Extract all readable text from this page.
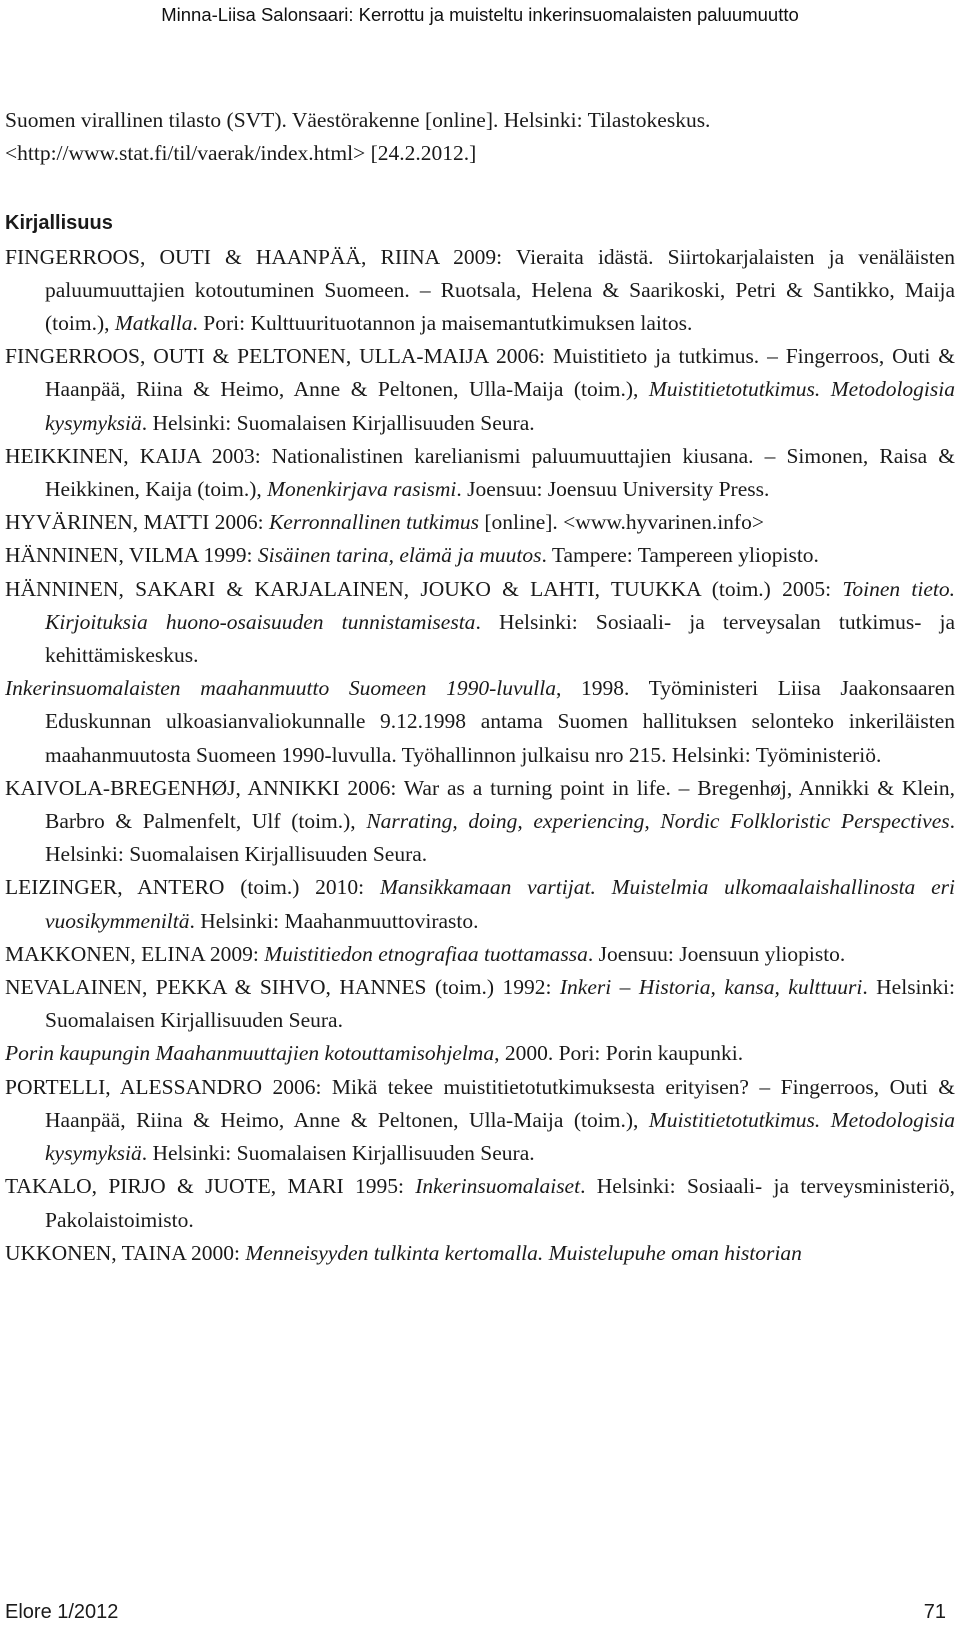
Minna-Liisa Salonsaari: Kerrottu ja muisteltu inkerinsuomalaisten paluumuutto

Suomen virallinen tilasto (SVT). Väestörakenne [online]. Helsinki: Tilastokeskus.
<http://www.stat.fi/til/vaerak/index.html> [24.2.2012.]

Kirjallisuus

FINGERROOS, OUTI & HAANPÄÄ, RIINA 2009: Vieraita idästä. Siirtokarjalaisten ja venäläisten paluumuuttajien kotoutuminen Suomeen. – Ruotsala, Helena & Saarikoski, Petri & Santikko, Maija (toim.), Matkalla. Pori: Kulttuurituotannon ja maisemantutkimuksen laitos.

FINGERROOS, OUTI & PELTONEN, ULLA-MAIJA 2006: Muistitieto ja tutkimus. – Fingerroos, Outi & Haanpää, Riina & Heimo, Anne & Peltonen, Ulla-Maija (toim.), Muistitietotutkimus. Metodologisia kysymyksiä. Helsinki: Suomalaisen Kirjallisuuden Seura.

HEIKKINEN, KAIJA 2003: Nationalistinen karelianismi paluumuuttajien kiusana. – Simonen, Raisa & Heikkinen, Kaija (toim.), Monenkirjava rasismi. Joensuu: Joensuu University Press.

HYVÄRINEN, MATTI 2006: Kerronnallinen tutkimus [online]. <www.hyvarinen.info>

HÄNNINEN, VILMA 1999: Sisäinen tarina, elämä ja muutos. Tampere: Tampereen yliopisto.

HÄNNINEN, SAKARI & KARJALAINEN, JOUKO & LAHTI, TUUKKA (toim.) 2005: Toinen tieto. Kirjoituksia huono-osaisuuden tunnistamisesta. Helsinki: Sosiaali- ja terveysalan tutkimus- ja kehittämiskeskus.

Inkerinsuomalaisten maahanmuutto Suomeen 1990-luvulla, 1998. Työministeri Liisa Jaakonsaaren Eduskunnan ulkoasianvaliokunnalle 9.12.1998 antama Suomen hallituksen selonteko inkeriläisten maahanmuutosta Suomeen 1990-luvulla. Työhallinnon julkaisu nro 215. Helsinki: Työministeriö.

KAIVOLA-BREGENHØJ, ANNIKKI 2006: War as a turning point in life. – Bregenhøj, Annikki & Klein, Barbro & Palmenfelt, Ulf (toim.), Narrating, doing, experiencing, Nordic Folkloristic Perspectives. Helsinki: Suomalaisen Kirjallisuuden Seura.

LEIZINGER, ANTERO (toim.) 2010: Mansikkamaan vartijat. Muistelmia ulkomaalaishallinosta eri vuosikymmeniltä. Helsinki: Maahanmuuttovirasto.

MAKKONEN, ELINA 2009: Muistitiedon etnografiaa tuottamassa. Joensuu: Joensuun yliopisto.

NEVALAINEN, PEKKA & SIHVO, HANNES (toim.) 1992: Inkeri – Historia, kansa, kulttuuri. Helsinki: Suomalaisen Kirjallisuuden Seura.

Porin kaupungin Maahanmuuttajien kotouttamisohjelma, 2000. Pori: Porin kaupunki.

PORTELLI, ALESSANDRO 2006: Mikä tekee muistitietotutkimuksesta erityisen? – Fingerroos, Outi & Haanpää, Riina & Heimo, Anne & Peltonen, Ulla-Maija (toim.), Muistitietotutkimus. Metodologisia kysymyksiä. Helsinki: Suomalaisen Kirjallisuuden Seura.

TAKALO, PIRJO & JUOTE, MARI 1995: Inkerinsuomalaiset. Helsinki: Sosiaali- ja terveysministeriö, Pakolaistoimisto.

UKKONEN, TAINA 2000: Menneisyyden tulkinta kertomalla. Muistelupuhe oman historian

Elore 1/2012	71
